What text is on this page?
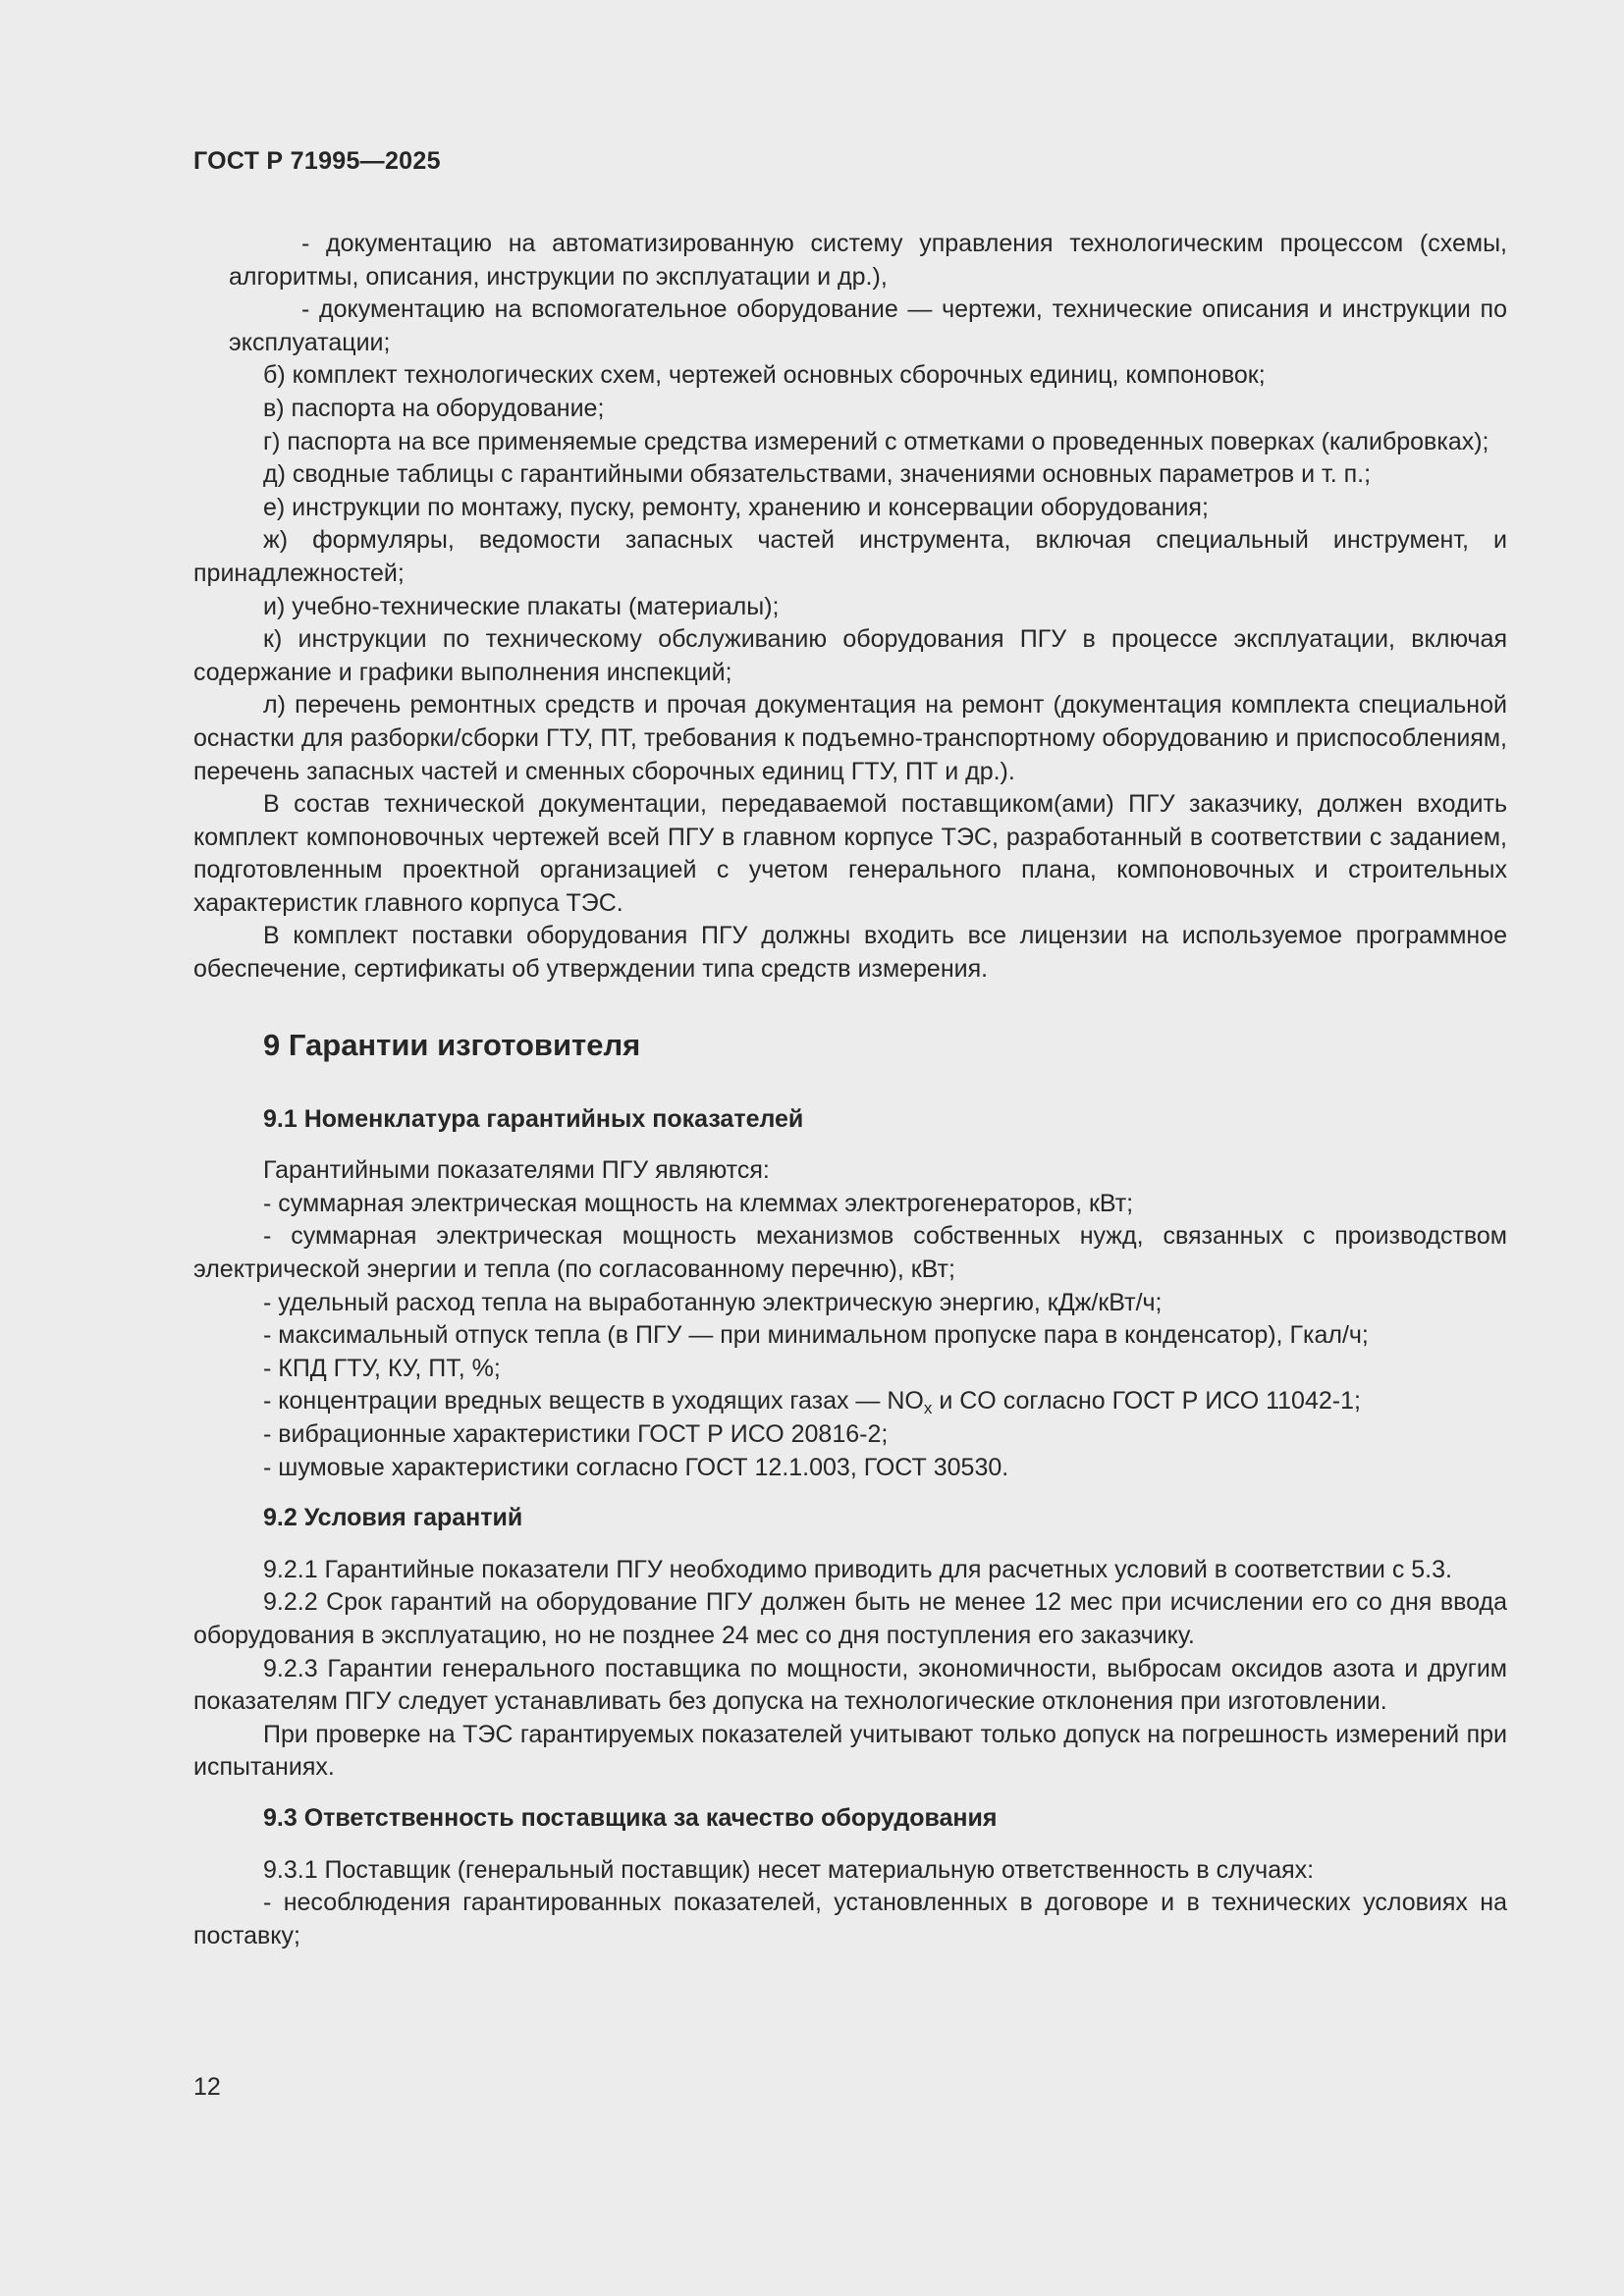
ГОСТ Р 71995—2025

- документацию на автоматизированную систему управления технологическим процессом (схемы, алгоритмы, описания, инструкции по эксплуатации и др.),

- документацию на вспомогательное оборудование — чертежи, технические описания и инструкции по эксплуатации;

б) комплект технологических схем, чертежей основных сборочных единиц, компоновок;

в) паспорта на оборудование;

г) паспорта на все применяемые средства измерений с отметками о проведенных поверках (калибровках);

д) сводные таблицы с гарантийными обязательствами, значениями основных параметров и т. п.;

е) инструкции по монтажу, пуску, ремонту, хранению и консервации оборудования;

ж) формуляры, ведомости запасных частей инструмента, включая специальный инструмент, и принадлежностей;

и) учебно-технические плакаты (материалы);

к) инструкции по техническому обслуживанию оборудования ПГУ в процессе эксплуатации, включая содержание и графики выполнения инспекций;

л) перечень ремонтных средств и прочая документация на ремонт (документация комплекта специальной оснастки для разборки/сборки ГТУ, ПТ, требования к подъемно-транспортному оборудованию и приспособлениям, перечень запасных частей и сменных сборочных единиц ГТУ, ПТ и др.).

В состав технической документации, передаваемой поставщиком(ами) ПГУ заказчику, должен входить комплект компоновочных чертежей всей ПГУ в главном корпусе ТЭС, разработанный в соответствии с заданием, подготовленным проектной организацией с учетом генерального плана, компоновочных и строительных характеристик главного корпуса ТЭС.

В комплект поставки оборудования ПГУ должны входить все лицензии на используемое программное обеспечение, сертификаты об утверждении типа средств измерения.

9 Гарантии изготовителя
9.1 Номенклатура гарантийных показателей

Гарантийными показателями ПГУ являются:

- суммарная электрическая мощность на клеммах электрогенераторов, кВт;

- суммарная электрическая мощность механизмов собственных нужд, связанных с производством электрической энергии и тепла (по согласованному перечню), кВт;

- удельный расход тепла на выработанную электрическую энергию, кДж/кВт/ч;

- максимальный отпуск тепла (в ПГУ — при минимальном пропуске пара в конденсатор), Гкал/ч;

- КПД ГТУ, КУ, ПТ, %;

- концентрации вредных веществ в уходящих газах — $NO_x$ и CO согласно ГОСТ Р ИСО 11042-1;

- вибрационные характеристики ГОСТ Р ИСО 20816-2;

- шумовые характеристики согласно ГОСТ 12.1.003, ГОСТ 30530.

9.2 Условия гарантий

9.2.1 Гарантийные показатели ПГУ необходимо приводить для расчетных условий в соответствии с 5.3.

9.2.2 Срок гарантий на оборудование ПГУ должен быть не менее 12 мес при исчислении его со дня ввода оборудования в эксплуатацию, но не позднее 24 мес со дня поступления его заказчику.

9.2.3 Гарантии генерального поставщика по мощности, экономичности, выбросам оксидов азота и другим показателям ПГУ следует устанавливать без допуска на технологические отклонения при изготовлении.

При проверке на ТЭС гарантируемых показателей учитывают только допуск на погрешность измерений при испытаниях.

9.3 Ответственность поставщика за качество оборудования

9.3.1 Поставщик (генеральный поставщик) несет материальную ответственность в случаях:

- несоблюдения гарантированных показателей, установленных в договоре и в технических условиях на поставку;

12
